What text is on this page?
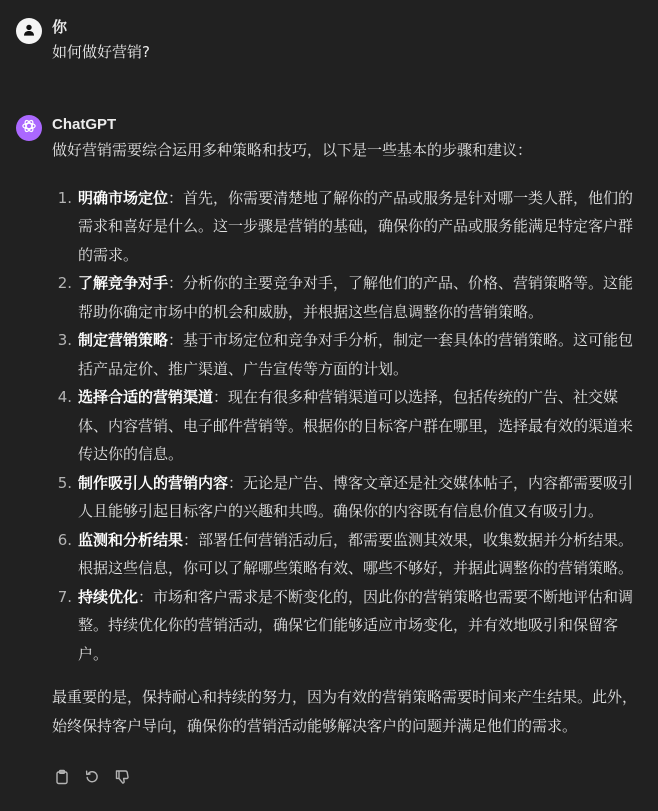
你
如何做好营销?
ChatGPT

做好营销需要综合运用多种策略和技巧，以下是一些基本的步骤和建议：

1. 明确市场定位：首先，你需要清楚地了解你的产品或服务是针对哪一类人群，他们的需求和喜好是什么。这一步骤是营销的基础，确保你的产品或服务能满足特定客户群的需求。
2. 了解竞争对手：分析你的主要竞争对手，了解他们的产品、价格、营销策略等。这能帮助你确定市场中的机会和威胁，并根据这些信息调整你的营销策略。
3. 制定营销策略：基于市场定位和竞争对手分析，制定一套具体的营销策略。这可能包括产品定价、推广渠道、广告宣传等方面的计划。
4. 选择合适的营销渠道：现在有很多种营销渠道可以选择，包括传统的广告、社交媒体、内容营销、电子邮件营销等。根据你的目标客户群在哪里，选择最有效的渠道来传达你的信息。
5. 制作吸引人的营销内容：无论是广告、博客文章还是社交媒体帖子，内容都需要吸引人且能够引起目标客户的兴趣和共鸣。确保你的内容既有信息价值又有吸引力。
6. 监测和分析结果：部署任何营销活动后，都需要监测其效果，收集数据并分析结果。根据这些信息，你可以了解哪些策略有效、哪些不够好，并据此调整你的营销策略。
7. 持续优化：市场和客户需求是不断变化的，因此你的营销策略也需要不断地评估和调整。持续优化你的营销活动，确保它们能够适应市场变化，并有效地吸引和保留客户。

最重要的是，保持耐心和持续的努力，因为有效的营销策略需要时间来产生结果。此外，始终保持客户导向，确保你的营销活动能够解决客户的问题并满足他们的需求。
